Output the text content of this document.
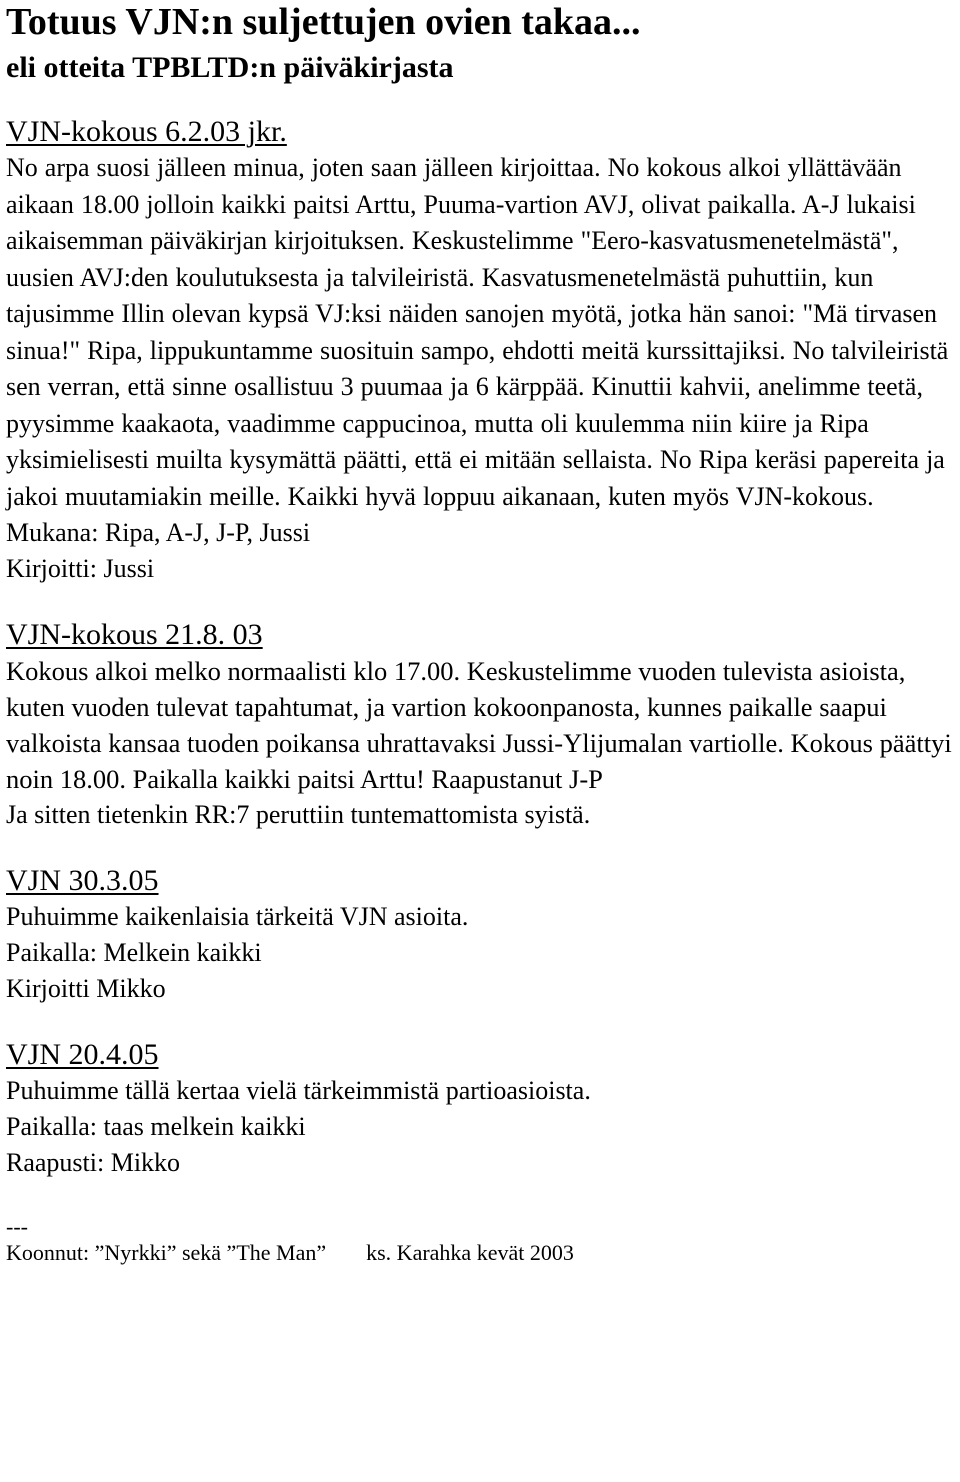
Totuus VJN:n suljettujen ovien takaa...
eli otteita TPBLTD:n päiväkirjasta
VJN-kokous 6.2.03 jkr.

No arpa suosi jälleen minua, joten saan jälleen kirjoittaa. No kokous alkoi yllättävään aikaan 18.00 jolloin kaikki paitsi Arttu, Puuma-vartion AVJ, olivat paikalla. A-J lukaisi aikaisemman päiväkirjan kirjoituksen. Keskustelimme "Eero-kasvatusmenetelmästä", uusien AVJ:den koulutuksesta ja talvileiristä. Kasvatusmenetelmästä puhuttiin, kun tajusimme Illin olevan kypsä VJ:ksi näiden sanojen myötä, jotka hän sanoi: "Mä tirvasen sinua!" Ripa, lippukuntamme suosituin sampo, ehdotti meitä kurssittajiksi. No talvileiristä sen verran, että sinne osallistuu 3 puumaa ja 6 kärppää. Kinuttii kahvii, anelimme teetä, pyysimme kaakaota, vaadimme cappucinoa, mutta oli kuulemma niin kiire ja Ripa yksimielisesti muilta kysymättä päätti, että ei mitään sellaista. No Ripa keräsi papereita ja jakoi muutamiakin meille. Kaikki hyvä loppuu aikanaan, kuten myös VJN-kokous.

Mukana: Ripa, A-J, J-P, Jussi
Kirjoitti: Jussi
VJN-kokous 21.8. 03

Kokous alkoi melko normaalisti klo 17.00. Keskustelimme vuoden tulevista asioista, kuten vuoden tulevat tapahtumat, ja vartion kokoonpanosta, kunnes paikalle saapui valkoista kansaa tuoden poikansa uhrattavaksi Jussi-Ylijumalan vartiolle. Kokous päättyi noin 18.00. Paikalla kaikki paitsi Arttu! Raapustanut J-P

Ja sitten tietenkin RR:7 peruttiin tuntemattomista syistä.
VJN 30.3.05
Puhuimme kaikenlaisia tärkeitä VJN asioita.
Paikalla: Melkein kaikki
Kirjoitti Mikko
VJN 20.4.05
Puhuimme tällä kertaa vielä tärkeimmistä partioasioista.
Paikalla: taas melkein kaikki
Raapusti: Mikko
---
Koonnut: ”Nyrkki” sekä ”The Man” ks. Karahka kevät 2003
